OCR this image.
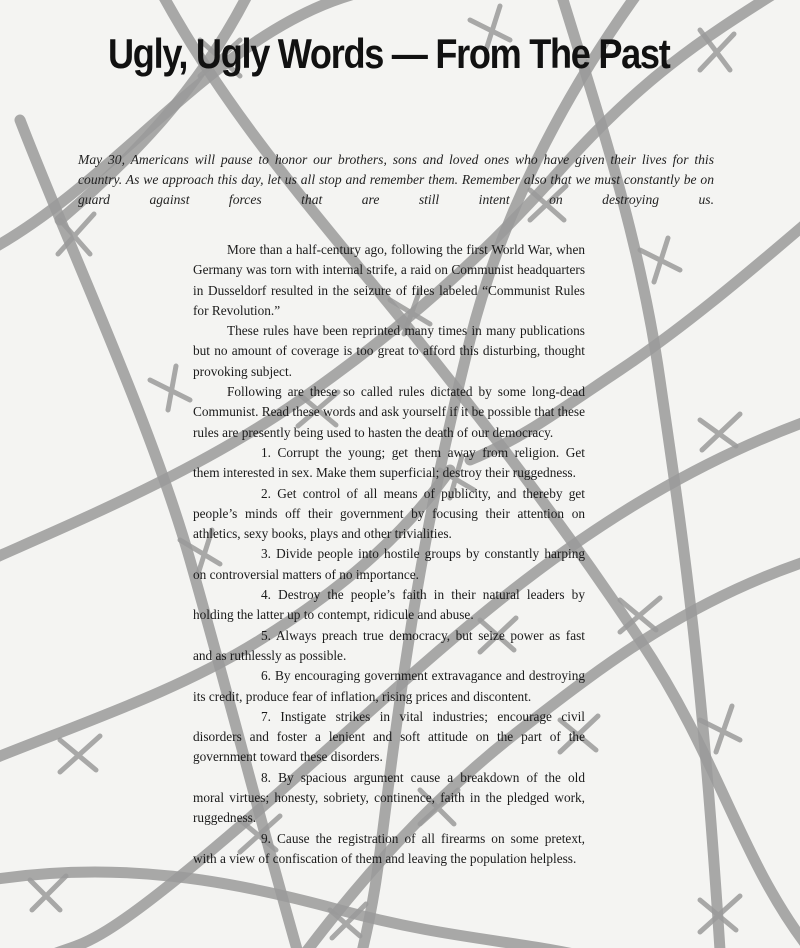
Ugly, Ugly Words — From The Past

May 30, Americans will pause to honor our brothers, sons and loved ones who have given their lives for this country. As we approach this day, let us all stop and remember them. Remember also that we must constantly be on guard against forces that are still intent on destroying us.

More than a half-century ago, following the first World War, when Germany was torn with internal strife, a raid on Communist headquarters in Dusseldorf resulted in the seizure of files labeled “Communist Rules for Revolution.”

These rules have been reprinted many times in many publications but no amount of coverage is too great to afford this disturbing, thought provoking subject.

Following are these so called rules dictated by some long-dead Communist. Read these words and ask yourself if it be possible that these rules are presently being used to hasten the death of our democracy.

1. Corrupt the young; get them away from religion. Get them interested in sex. Make them superficial; destroy their ruggedness.

2. Get control of all means of publicity, and thereby get people’s minds off their government by focusing their attention on athletics, sexy books, plays and other trivialities.

3. Divide people into hostile groups by constantly harping on controversial matters of no importance.

4. Destroy the people’s faith in their natural leaders by holding the latter up to contempt, ridicule and abuse.

5. Always preach true democracy, but seize power as fast and as ruthlessly as possible.

6. By encouraging government extravagance and destroying its credit, produce fear of inflation, rising prices and discontent.

7. Instigate strikes in vital industries; encourage civil disorders and foster a lenient and soft attitude on the part of the government toward these disorders.

8. By spacious argument cause a breakdown of the old moral virtues; honesty, sobriety, continence, faith in the pledged work, ruggedness.

9. Cause the registration of all firearms on some pretext, with a view of confiscation of them and leaving the population helpless.
